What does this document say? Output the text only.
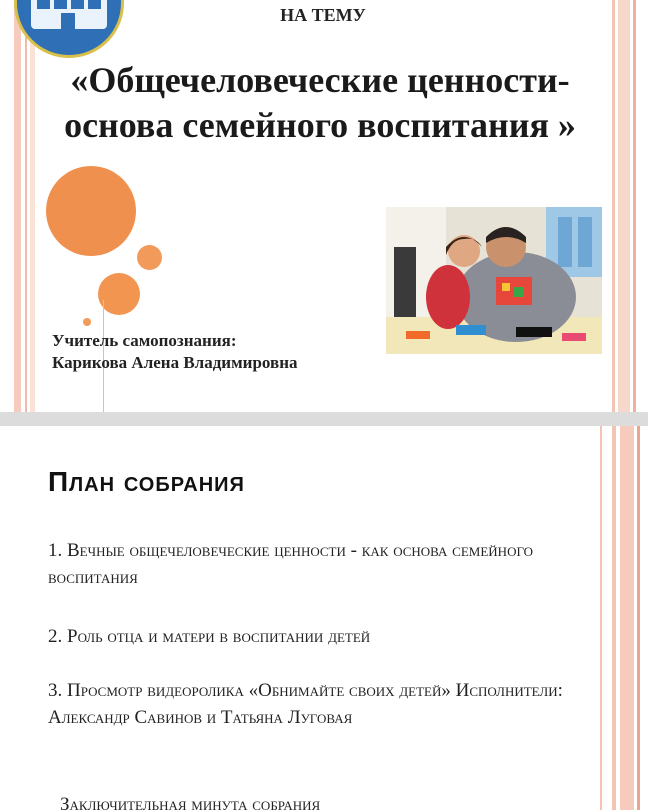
НА ТЕМУ
«Общечеловеческие ценности- основа семейного воспитания »
Учитель самопознания:
Карикова Алена Владимировна
План собрания
1. Вечные общечеловеческие ценности - как основа семейного воспитания
2. Роль отца и матери в воспитании детей
3. Просмотр видеоролика «Обнимайте своих детей» Исполнители: Александр Савинов и Татьяна Луговая
Заключительная минута собрания
